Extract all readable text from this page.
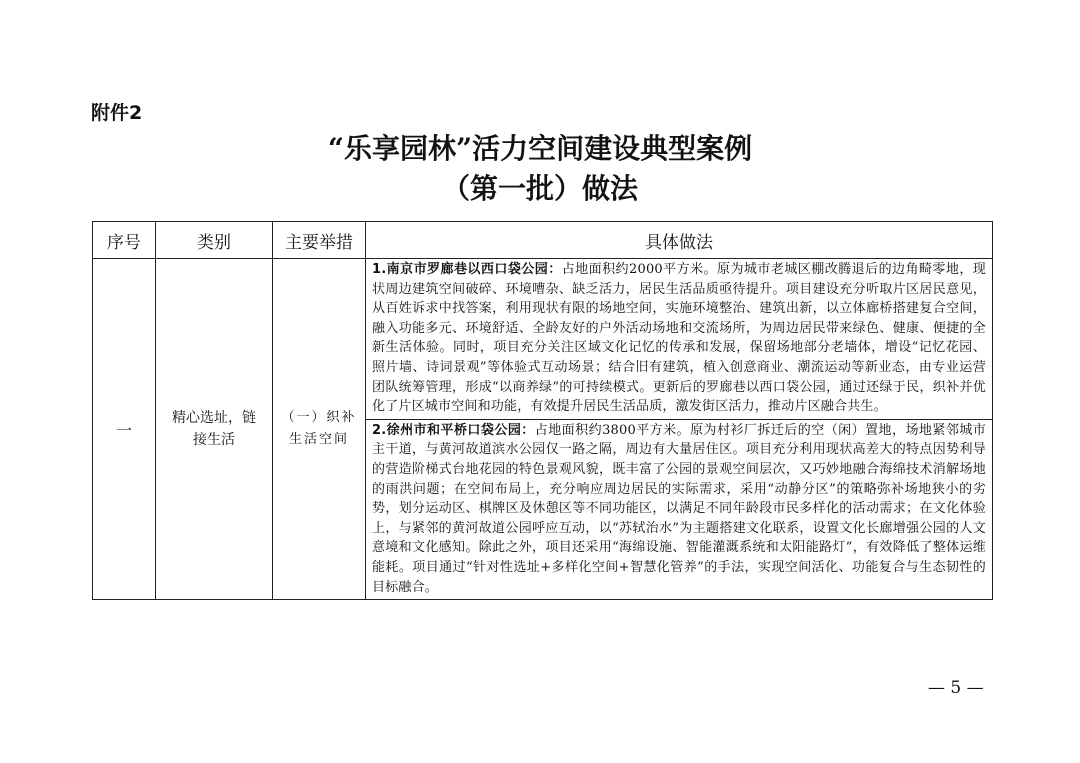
附件2
“乐享园林”活力空间建设典型案例
（第一批）做法
序号	类别	主要举措	具体做法
一	精心选址，链接生活	（一）织补生活空间	1.南京市罗廊巷以西口袋公园：占地面积约2000平方米。原为城市老城区棚改腾退后的边角畸零地，现状周边建筑空间破碎、环境嘈杂、缺乏活力，居民生活品质亟待提升。项目建设充分听取片区居民意见，从百姓诉求中找答案，利用现状有限的场地空间，实施环境整治、建筑出新，以立体廊桥搭建复合空间，融入功能多元、环境舒适、全龄友好的户外活动场地和交流场所，为周边居民带来绿色、健康、便捷的全新生活体验。同时，项目充分关注区域文化记忆的传承和发展，保留场地部分老墙体，增设“记忆花园、照片墙、诗词景观”等体验式互动场景；结合旧有建筑，植入创意商业、潮流运动等新业态，由专业运营团队统筹管理，形成“以商养绿”的可持续模式。更新后的罗廊巷以西口袋公园，通过还绿于民，织补并优化了片区城市空间和功能，有效提升居民生活品质，激发街区活力，推动片区融合共生。
			2.徐州市和平桥口袋公园：占地面积约3800平方米。原为村衫厂拆迁后的空（闲）置地，场地紧邻城市主干道，与黄河故道滨水公园仅一路之隔，周边有大量居住区。项目充分利用现状高差大的特点因势利导的营造阶梯式台地花园的特色景观风貌，既丰富了公园的景观空间层次，又巧妙地融合海绵技术消解场地的雨洪问题；在空间布局上，充分响应周边居民的实际需求，采用“动静分区”的策略弥补场地狭小的劣势，划分运动区、棋牌区及休憩区等不同功能区，以满足不同年龄段市民多样化的活动需求；在文化体验上，与紧邻的黄河故道公园呼应互动，以“苏轼治水”为主题搭建文化联系，设置文化长廊增强公园的人文意境和文化感知。除此之外，项目还采用“海绵设施、智能灌溉系统和太阳能路灯”，有效降低了整体运维能耗。项目通过“针对性选址+多样化空间+智慧化管养”的手法，实现空间活化、功能复合与生态韧性的目标融合。
— 5 —
